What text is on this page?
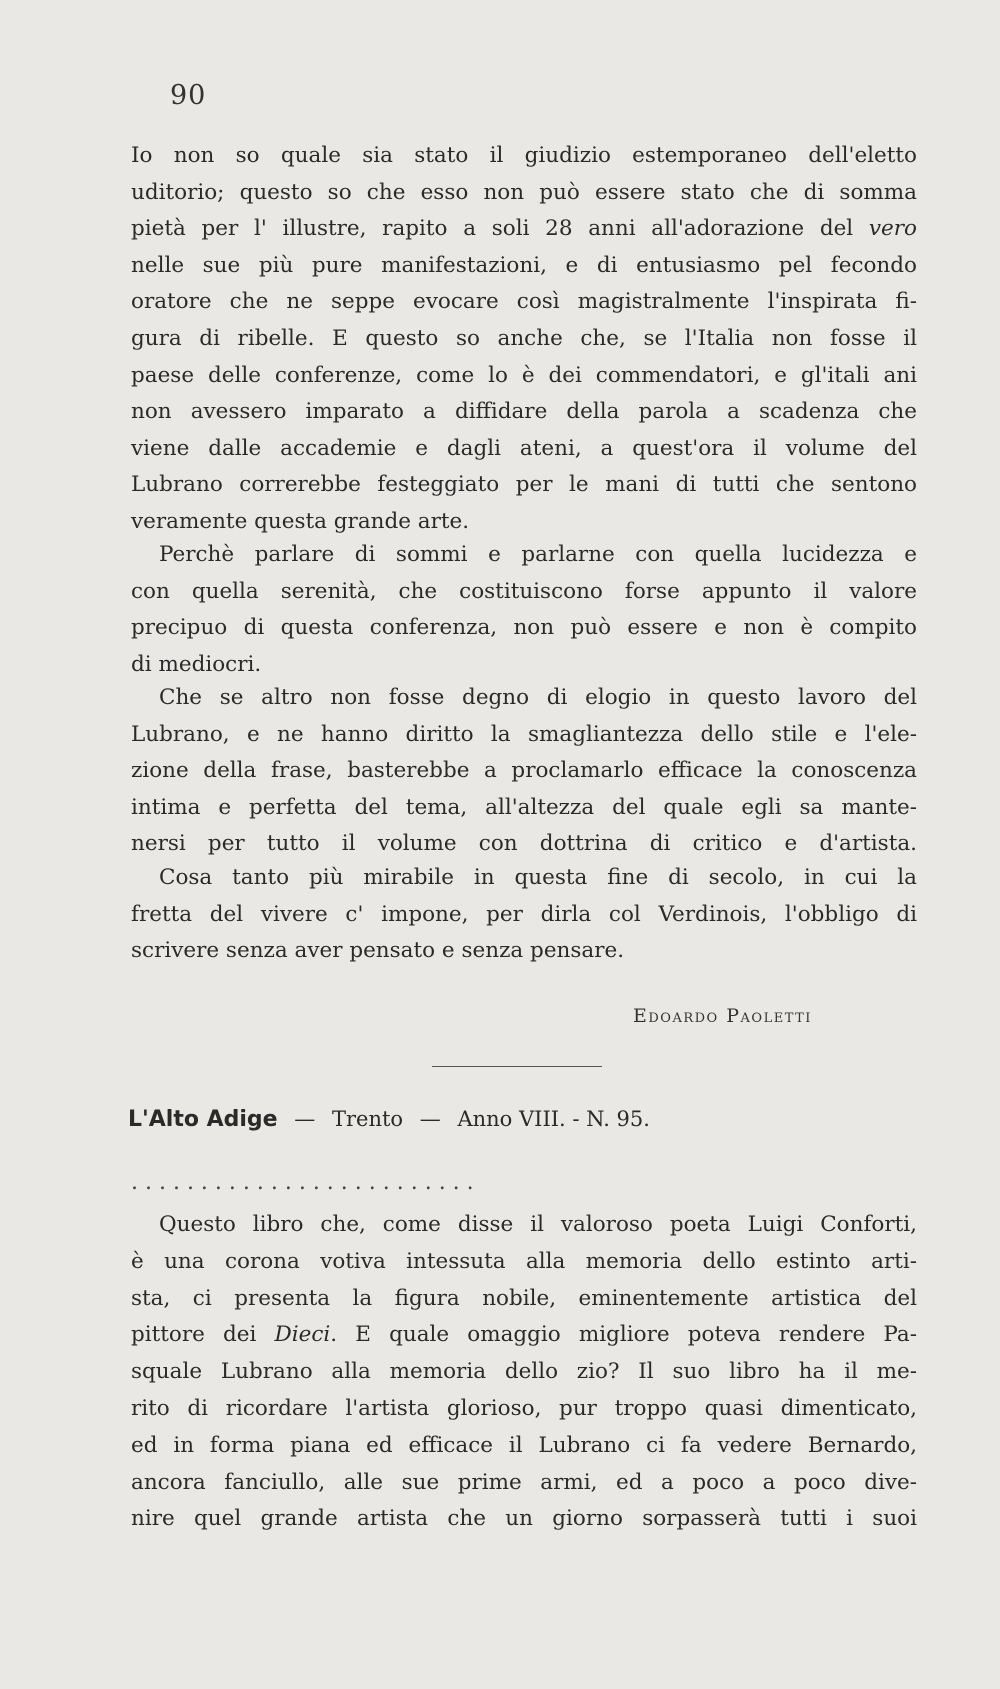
90
Io non so quale sia stato il giudizio estemporaneo dell'eletto
uditorio; questo so che esso non può essere stato che di somma
pietà per l' illustre, rapito a soli 28 anni all'adorazione del vero
nelle sue più pure manifestazioni, e di entusiasmo pel fecondo
oratore che ne seppe evocare così magistralmente l'inspirata fi-
gura di ribelle. E questo so anche che, se l'Italia non fosse il
paese delle conferenze, come lo è dei commendatori, e gl'itali ani
non avessero imparato a diffidare della parola a scadenza che
viene dalle accademie e dagli ateni, a quest'ora il volume del
Lubrano correrebbe festeggiato per le mani di tutti che sentono
veramente questa grande arte.
Perchè parlare di sommi e parlarne con quella lucidezza e
con quella serenità, che costituiscono forse appunto il valore
precipuo di questa conferenza, non può essere e non è compito
di mediocri.
Che se altro non fosse degno di elogio in questo lavoro del
Lubrano, e ne hanno diritto la smagliantezza dello stile e l'ele-
zione della frase, basterebbe a proclamarlo efficace la conoscenza
intima e perfetta del tema, all'altezza del quale egli sa mante-
nersi per tutto il volume con dottrina di critico e d'artista.
Cosa tanto più mirabile in questa fine di secolo, in cui la
fretta del vivere c' impone, per dirla col Verdinois, l'obbligo di
scrivere senza aver pensato e senza pensare.
Edoardo Paoletti
L'Alto Adige — Trento — Anno VIII. - N. 95.
. . . . . . . . . . . . . . . . . . . . . . . . .
Questo libro che, come disse il valoroso poeta Luigi Conforti,
è una corona votiva intessuta alla memoria dello estinto arti-
sta, ci presenta la figura nobile, eminentemente artistica del
pittore dei Dieci. E quale omaggio migliore poteva rendere Pa-
squale Lubrano alla memoria dello zio? Il suo libro ha il me-
rito di ricordare l'artista glorioso, pur troppo quasi dimenticato,
ed in forma piana ed efficace il Lubrano ci fa vedere Bernardo,
ancora fanciullo, alle sue prime armi, ed a poco a poco dive-
nire quel grande artista che un giorno sorpasserà tutti i suoi
